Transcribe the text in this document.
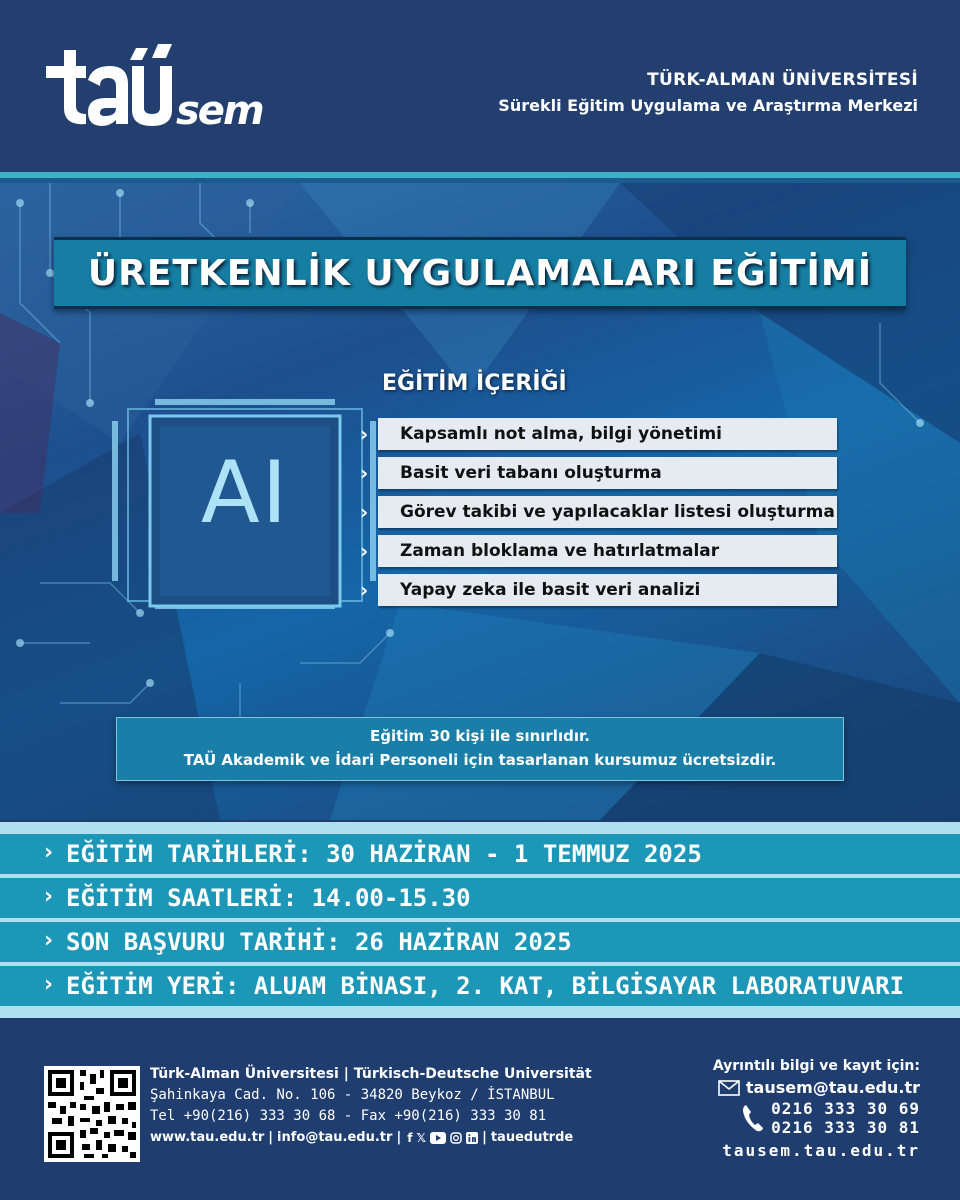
sem
TÜRK-ALMAN ÜNİVERSİTESİ
Sürekli Eğitim Uygulama ve Araştırma Merkezi
ÜRETKENLİK UYGULAMALARI EĞİTİMİ
AI
EĞİTİM İÇERİĞİ
›	Kapsamlı not alma, bilgi yönetimi
›	Basit veri tabanı oluşturma
›	Görev takibi ve yapılacaklar listesi oluşturma
›	Zaman bloklama ve hatırlatmalar
›	Yapay zeka ile basit veri analizi
Eğitim 30 kişi ile sınırlıdır.
TAÜ Akademik ve İdari Personeli için tasarlanan kursumuz ücretsizdir.
› EĞİTİM TARİHLERİ: 30 HAZİRAN - 1 TEMMUZ 2025
› EĞİTİM SAATLERİ: 14.00-15.30
› SON BAŞVURU TARİHİ: 26 HAZİRAN 2025
› EĞİTİM YERİ: ALUAM BİNASI, 2. KAT, BİLGİSAYAR LABORATUVARI
Türk-Alman Üniversitesi | Türkisch-Deutsche Universität
Şahinkaya Cad. No. 106 - 34820 Beykoz / İSTANBUL
Tel +90(216) 333 30 68 - Fax +90(216) 333 30 81
www.tau.edu.tr | info@tau.edu.tr | f 𝕏	| tauedutrde
Ayrıntılı bilgi ve kayıt için:
tausem@tau.edu.tr
0216 333 30 69
0216 333 30 81
tausem.tau.edu.tr
